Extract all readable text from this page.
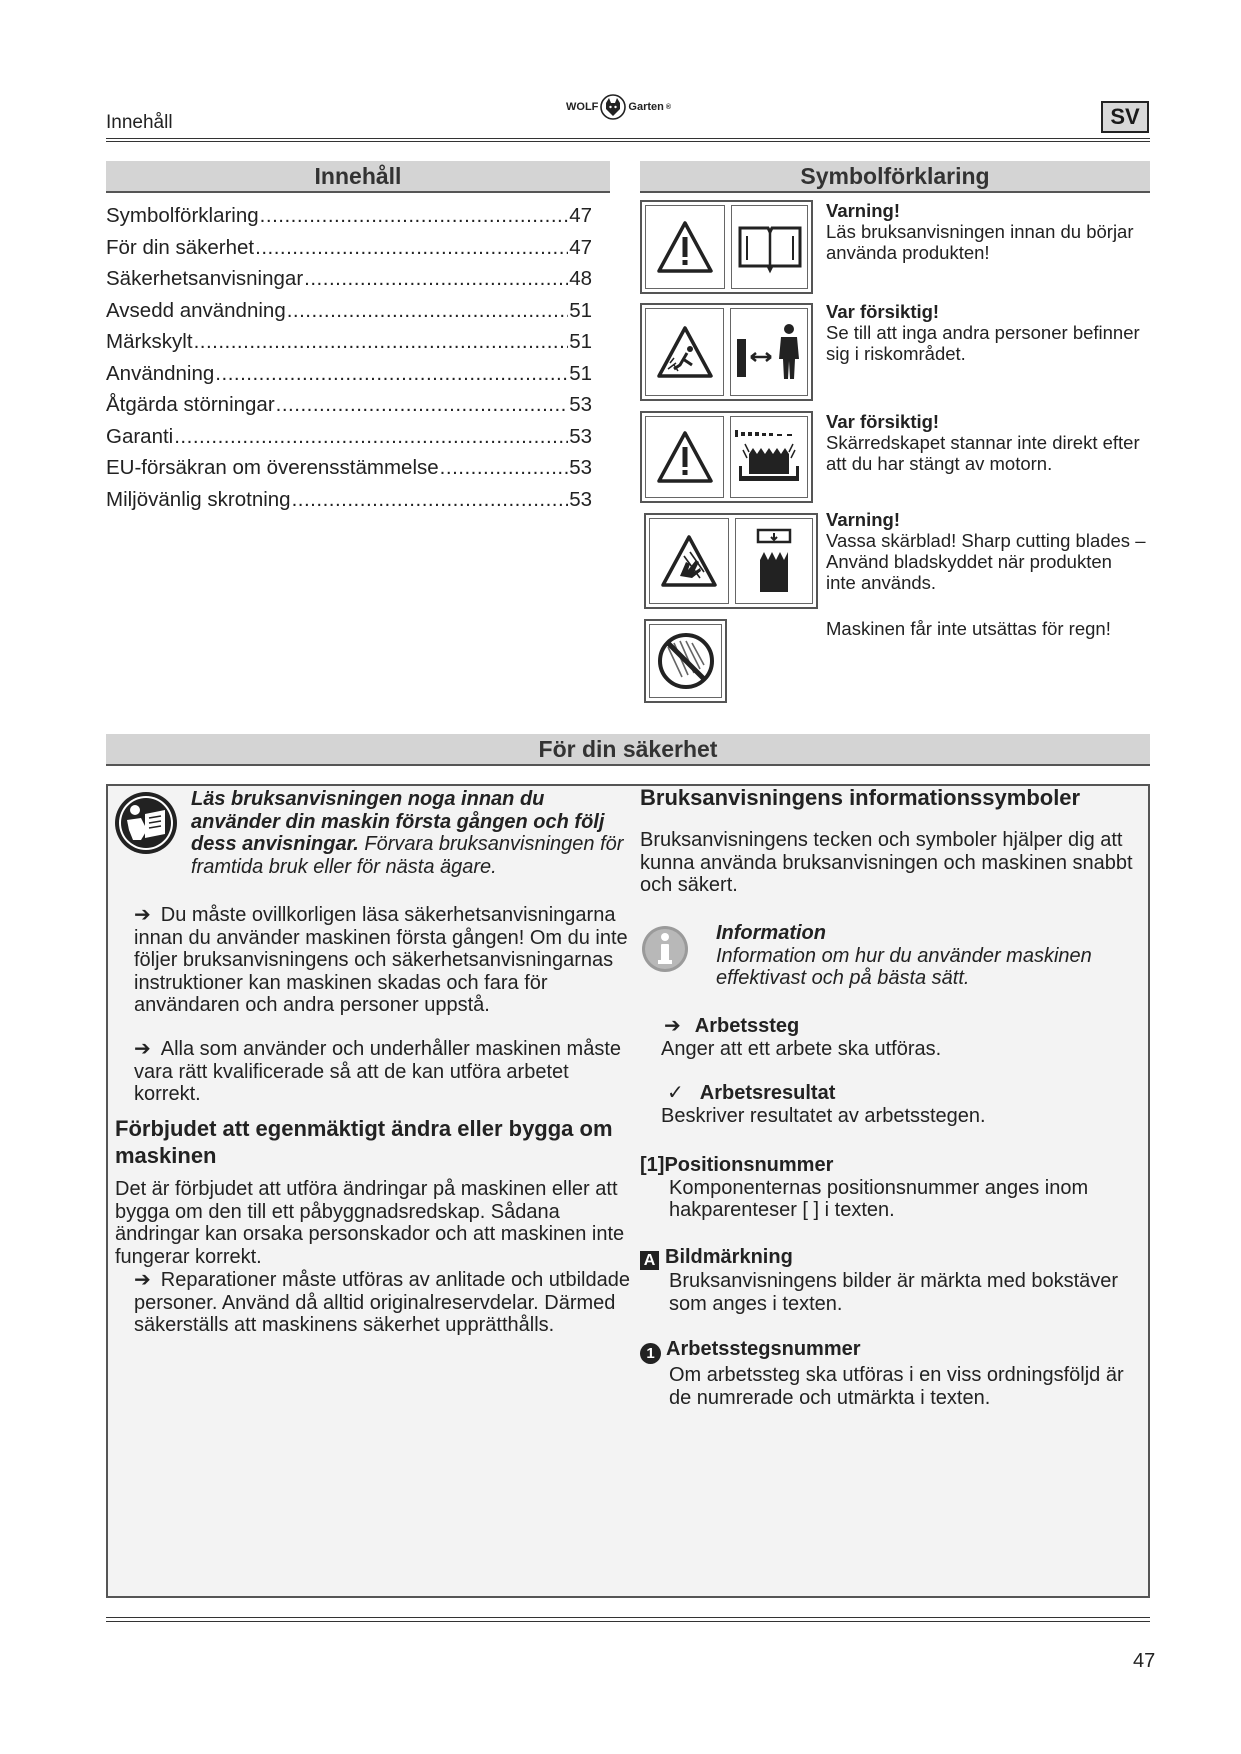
Innehåll
WOLF	Garten ®	SV
Innehåll
Symbolförklaring .....	47
För din säkerhet .....	47
Säkerhetsanvisningar .....	48
Avsedd användning .....	51
Märkskylt .....	51
Användning .....	51
Åtgärda störningar .....	53
Garanti .....	53
EU-försäkran om överensstämmelse .....	53
Miljövänlig skrotning .....	53
Symbolförklaring
Varning!
Läs bruksanvisningen innan du börjar använda produkten!
Var försiktig!
Se till att inga andra personer befinner sig i riskområdet.
Var försiktig!
Skärredskapet stannar inte direkt efter att du har stängt av motorn.
Varning!
Vassa skärblad! Sharp cutting blades – Använd bladskyddet när produkten inte används.
Maskinen får inte utsättas för regn!
För din säkerhet
Läs bruksanvisningen noga innan du använder din maskin första gången och följ dess anvisningar. Förvara bruksanvisningen för framtida bruk eller för nästa ägare.
➔ Du måste ovillkorligen läsa säkerhetsanvisningarna innan du använder maskinen första gången! Om du inte följer bruksanvisningens och säkerhetsanvisningarnas instruktioner kan maskinen skadas och fara för användaren och andra personer uppstå.
➔ Alla som använder och underhåller maskinen måste vara rätt kvalificerade så att de kan utföra arbetet korrekt.
Förbjudet att egenmäktigt ändra eller bygga om maskinen
Det är förbjudet att utföra ändringar på maskinen eller att bygga om den till ett påbyggnadsredskap. Sådana ändringar kan orsaka personskador och att maskinen inte fungerar korrekt.
➔ Reparationer måste utföras av anlitade och utbildade personer. Använd då alltid originalreservdelar. Därmed säkerställs att maskinens säkerhet upprätthålls.
Bruksanvisningens informationssymboler
Bruksanvisningens tecken och symboler hjälper dig att kunna använda bruksanvisningen och maskinen snabbt och säkert.
Information
Information om hur du använder maskinen effektivast och på bästa sätt.
➔ Arbetssteg
Anger att ett arbete ska utföras.
✓ Arbetsresultat
Beskriver resultatet av arbetsstegen.
[1]Positionsnummer
Komponenternas positionsnummer anges inom hakparenteser [ ] i texten.
A Bildmärkning
Bruksanvisningens bilder är märkta med bokstäver som anges i texten.
1 Arbetsstegsnummer
Om arbetssteg ska utföras i en viss ordningsföljd är de numrerade och utmärkta i texten.
47
